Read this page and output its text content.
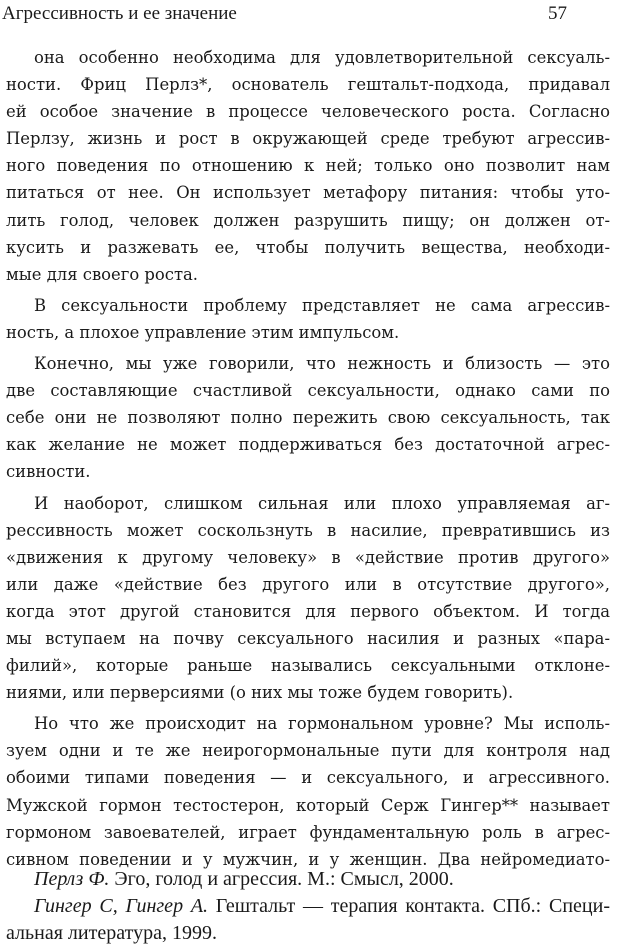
Агрессивность и ее значение	57
она особенно необходима для удовлетворительной сексуаль-
ности. Фриц Перлз*, основатель гештальт-подхода, придавал
ей особое значение в процессе человеческого роста. Согласно
Перлзу, жизнь и рост в окружающей среде требуют агрессив-
ного поведения по отношению к ней; только оно позволит нам
питаться от нее. Он использует метафору питания: чтобы уто-
лить голод, человек должен разрушить пищу; он должен от-
кусить и разжевать ее, чтобы получить вещества, необходи-
мые для своего роста.
В сексуальности проблему представляет не сама агрессив-
ность, а плохое управление этим импульсом.
Конечно, мы уже говорили, что нежность и близость — это
две составляющие счастливой сексуальности, однако сами по
себе они не позволяют полно пережить свою сексуальность, так
как желание не может поддерживаться без достаточной агрес-
сивности.
И наоборот, слишком сильная или плохо управляемая аг-
рессивность может соскользнуть в насилие, превратившись из
«движения к другому человеку» в «действие против другого»
или даже «действие без другого или в отсутствие другого»,
когда этот другой становится для первого объектом. И тогда
мы вступаем на почву сексуального насилия и разных «пара-
филий», которые раньше назывались сексуальными отклоне-
ниями, или перверсиями (о них мы тоже будем говорить).
Но что же происходит на гормональном уровне? Мы исполь-
зуем одни и те же неирогормональные пути для контроля над
обоими типами поведения — и сексуального, и агрессивного.
Мужской гормон тестостерон, который Серж Гингер** называет
гормоном завоевателей, играет фундаментальную роль в агрес-
сивном поведении и у мужчин, и у женщин. Два нейромедиато-
Перлз Ф. Эго, голод и агрессия. М.: Смысл, 2000.
Гингер С, Гингер А. Гештальт — терапия контакта. СПб.: Специ-
альная литература, 1999.
